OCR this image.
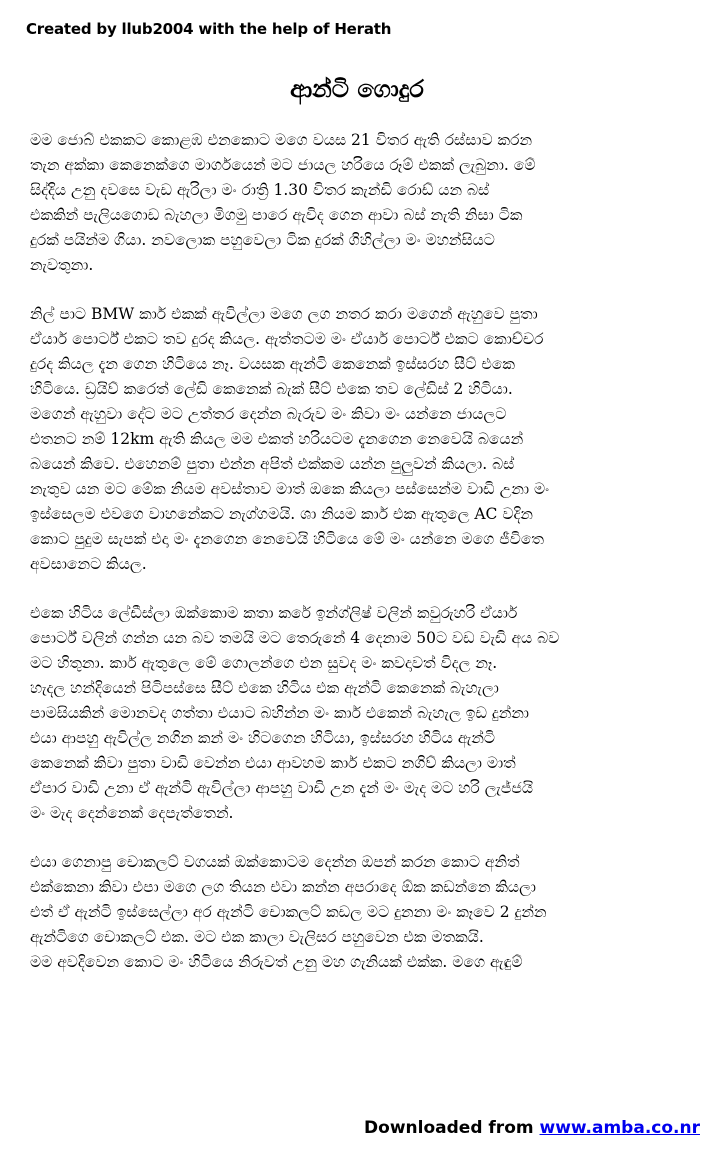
Created by llub2004 with the help of Herath

ආන්ටි ගොදුර

මම ජොබ් එකකට කොළඹ එනකොට මගෙ වයස 21 විතර ඇති රස්සාව කරන
තැන අක්කා කෙනෙක්ගෙ මාර්ගයෙන් මට ජායල හරියෙ රූම් එකක් ලැබුනා. මේ
සිද්දිය උනු දවසෙ වැඩ ඇරිලා මං රාත්‍රි 1.30 විතර කැන්ඩි රොඩ් යන බස්
එකකින් පැලියගොඩ බැහලා මිගමු පාරෙ ඇවිද ගෙන ආවා බස් නැති නිසා ටික
දුරක් පයින්ම ගියා. නවලොක පහුවෙලා ටික දුරක් ගිහිල්ලා මං මහන්සියට
නැවතුනා.

නිල් පාට BMW කාර් එකක් ඇවිල්ලා මගෙ ලග නතර කරා මගෙන් ඇහුවෙ පුතා
ඒයාර් පොර්ට් එකට තව දුරද කියල. ඇත්තටම මං ඒයාර් පොර්ට් එකට කොච්චර
දුරද කියල දැන ගෙන හිටියෙ නෑ. වයසක ඇන්ටි කෙනෙක් ඉස්සරහ සීට් එකෙ
හිටියෙ. ඩ්‍රයිව් කරෙත් ලේඩි කෙනෙක් බැක් සීට් එකෙ තව ලේඩිස් 2 හිටියා.
මගෙන් ඇහුවා දේට මට උත්තර දෙන්න බැරුව මං කිවා මං යන්නෙ ජායලට
එතනට නම් 12km ඇති කියල මම එකත් හරියටම දැනගෙන නෙවෙයි බයෙන්
බයෙන් කිවෙ. එහෙනම් පුතා එන්න අපිත් එක්කම යන්න පුලුවන් කියලා. බස්
නැතුව යන මට මේක නියම අවස්තාව මාත් ඔකෙ කියලා පස්සෙන්ම වාඩි උනා මං
ඉස්සෙලම එවගෙ වාහනේකට නැග්ගමයි. ශා නියම කාර් එක ඇතුලෙ AC වදින
කොට පුදුම සැපක් එදා මං දැනගෙන නෙවෙයි හිටියෙ මේ මං යන්නෙ මගෙ ජීවිතෙ
අවසානෙට කියල.

එකෙ හිටිය ලේඩීස්ලා ඔක්කොම කතා කරේ ඉන්ග්ලිෂ් වලින් කවුරුහරි ඒයාර්
පොර්ට් වලින් ගන්න යන බව තමයි මට තෙරුනේ 4 දෙනාම 50ට වඩ වැඩි අය බව
මට හිතුනා. කාර් ඇතුලෙ මේ ගොලන්ගෙ එන සුවද මං කවදාවත් විදල නෑ.
හැදල හන්දියෙන් පිටිපස්සෙ සීට් එකෙ හිටිය එක ඇන්ටි කෙනෙක් බැහැලා
පාමසියකින් මොනවද ගත්තා එයාට බහින්න මං කාර් එකෙන් බැහැල ඉඩ දුන්නා
එයා ආපහු ඇවිල්ල නගින කන් මං හිටගෙන හිටියා, ඉස්සරහ හිටිය ඇන්ටි
කෙනෙක් කිවා පුතා වාඩි වෙන්න එයා ආවහම කාර් එකට නගිව් කියලා මාත්
ඒපාර වාඩි උනා ඒ ඇන්ටි ඇවිල්ලා ආපහු වාඩි උන දැන් මං මැද මට හරි ලැජ්ජයි
මං මැද දෙන්නෙක් දෙපැත්තෙන්.

එයා ගෙනාපු චොකලට් වගයක් ඔක්කොටම දෙන්න ඔපන් කරන කොට අනිත්
එක්කෙනා කිවා එපා මගෙ ලග තියන එවා කන්න අපරාදෙ ඕක කඩන්නෙ කියලා
එත් ඒ ඇන්ටි ඉස්සෙල්ලා අර ඇන්ටි චොකලට් කඩල මට දුනනා මං කෑවෙ 2 දුන්න
ඇන්ටිගෙ චොකලට් එක. මට එක කාලා වැලිසර පහුවෙන එක මතකයි.
මම අවදිවෙන කොට මං හිටියෙ නිරුවත් උනු මහ ගැනියක් එක්ක. මගෙ ඇඳුම්

Downloaded from www.amba.co.nr
